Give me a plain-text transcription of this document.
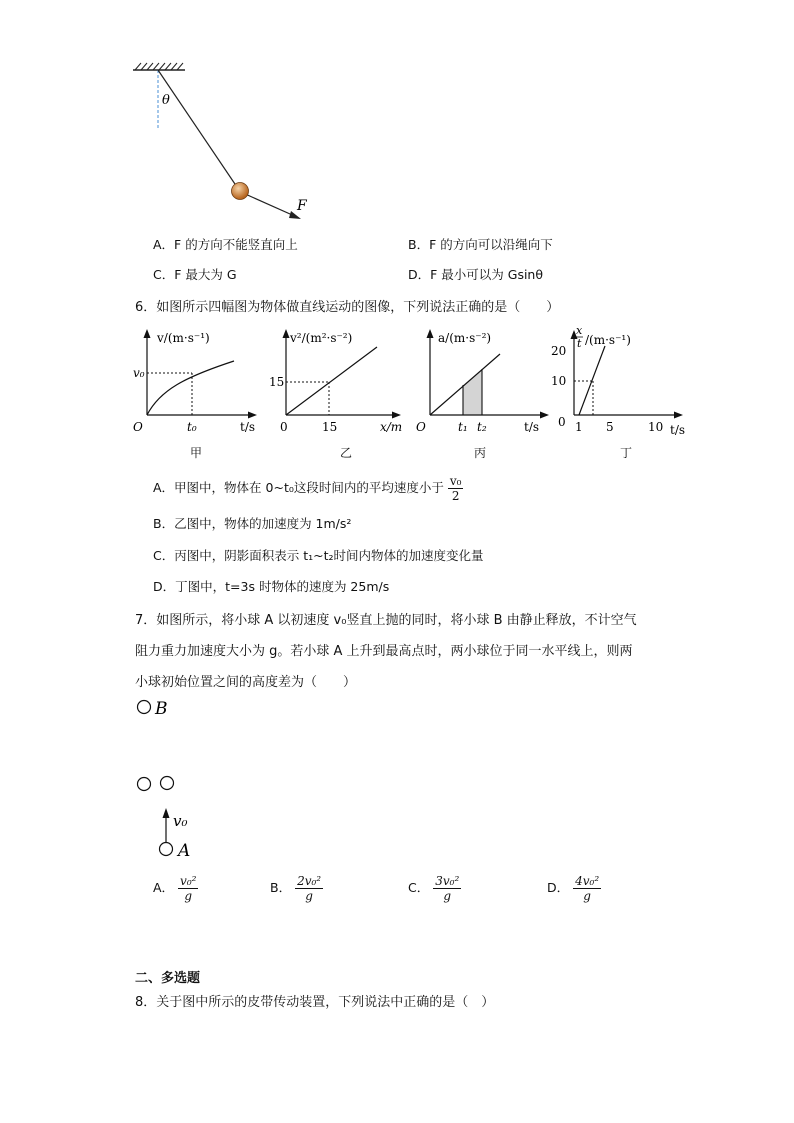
θ
F
A．F 的方向不能竖直向上	B．F 的方向可以沿绳向下
C．F 最大为 G	D．F 最小可以为 Gsinθ
6．如图所示四幅图为物体做直线运动的图像，下列说法正确的是（　　）
v/(m·s⁻¹)
t/s
O
v₀
t₀
甲
v²/(m²·s⁻²)
x/m
0
15
15
乙
a/(m·s⁻²)
t/s
O	t₁ t₂
丙
x
t /(m·s⁻¹)
20
10
0 1 5	10 t/s
丁
A．甲图中，物体在 0~t₀这段时间内的平均速度小于 $\frac{\text{v₀}}{2}$
B．乙图中，物体的加速度为 1m/s²
C．丙图中，阴影面积表示 t₁~t₂时间内物体的加速度变化量
D．丁图中，t=3s 时物体的速度为 25m/s
7．如图所示，将小球 A 以初速度 v₀竖直上抛的同时，将小球 B 由静止释放，不计空气
阻力重力加速度大小为 g。若小球 A 上升到最高点时，两小球位于同一水平线上，则两
小球初始位置之间的高度差为（　　）
B
v₀
A
A． $\frac{\text{v₀²}}{g}$	B． $\frac{\text{2v₀²}}{g}$	C． $\frac{\text{3v₀²}}{g}$	D． $\frac{\text{4v₀²}}{g}$
二、多选题
8．关于图中所示的皮带传动装置，下列说法中正确的是（　）
